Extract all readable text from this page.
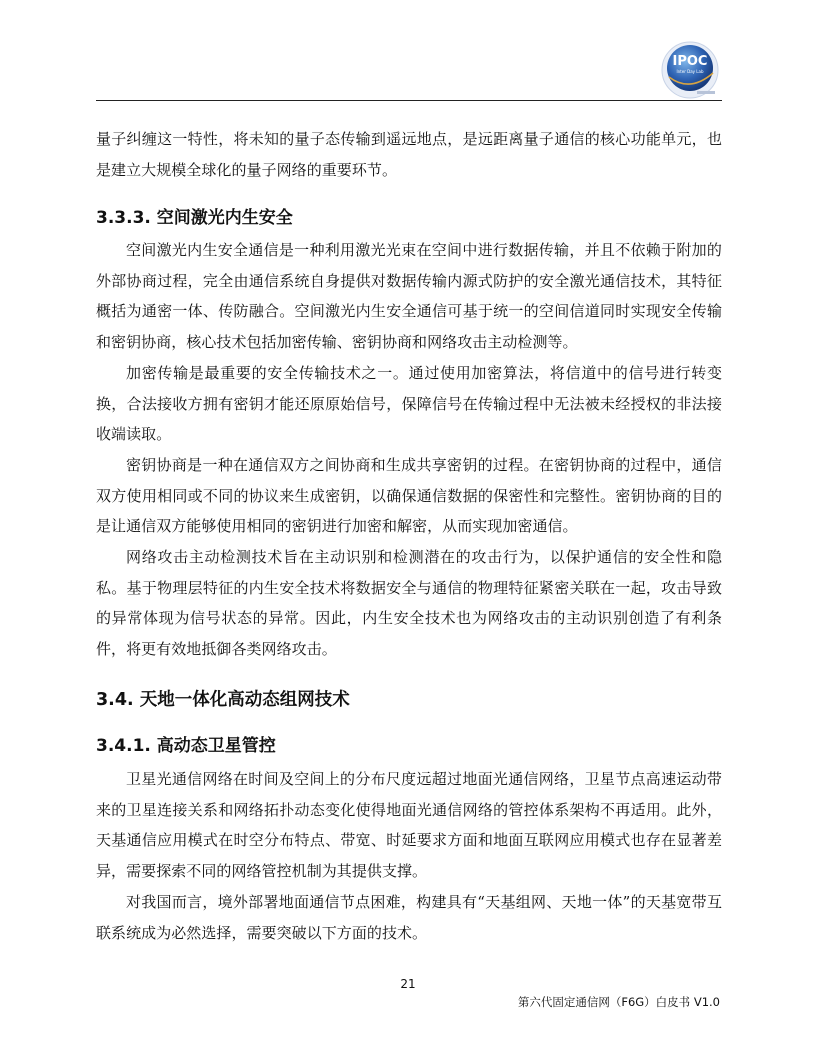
IPOC
Inter Day Lab

量子纠缠这一特性，将未知的量子态传输到遥远地点，是远距离量子通信的核心功能单元，也是建立大规模全球化的量子网络的重要环节。

3.3.3. 空间激光内生安全

空间激光内生安全通信是一种利用激光光束在空间中进行数据传输，并且不依赖于附加的外部协商过程，完全由通信系统自身提供对数据传输内源式防护的安全激光通信技术，其特征概括为通密一体、传防融合。空间激光内生安全通信可基于统一的空间信道同时实现安全传输和密钥协商，核心技术包括加密传输、密钥协商和网络攻击主动检测等。

加密传输是最重要的安全传输技术之一。通过使用加密算法，将信道中的信号进行转变换，合法接收方拥有密钥才能还原原始信号，保障信号在传输过程中无法被未经授权的非法接收端读取。

密钥协商是一种在通信双方之间协商和生成共享密钥的过程。在密钥协商的过程中，通信双方使用相同或不同的协议来生成密钥，以确保通信数据的保密性和完整性。密钥协商的目的是让通信双方能够使用相同的密钥进行加密和解密，从而实现加密通信。

网络攻击主动检测技术旨在主动识别和检测潜在的攻击行为，以保护通信的安全性和隐私。基于物理层特征的内生安全技术将数据安全与通信的物理特征紧密关联在一起，攻击导致的异常体现为信号状态的异常。因此，内生安全技术也为网络攻击的主动识别创造了有利条件，将更有效地抵御各类网络攻击。

3.4. 天地一体化高动态组网技术
3.4.1. 高动态卫星管控

卫星光通信网络在时间及空间上的分布尺度远超过地面光通信网络，卫星节点高速运动带来的卫星连接关系和网络拓扑动态变化使得地面光通信网络的管控体系架构不再适用。此外，天基通信应用模式在时空分布特点、带宽、时延要求方面和地面互联网应用模式也存在显著差异，需要探索不同的网络管控机制为其提供支撑。

对我国而言，境外部署地面通信节点困难，构建具有“天基组网、天地一体”的天基宽带互联系统成为必然选择，需要突破以下方面的技术。

21
第六代固定通信网（F6G）白皮书 V1.0
